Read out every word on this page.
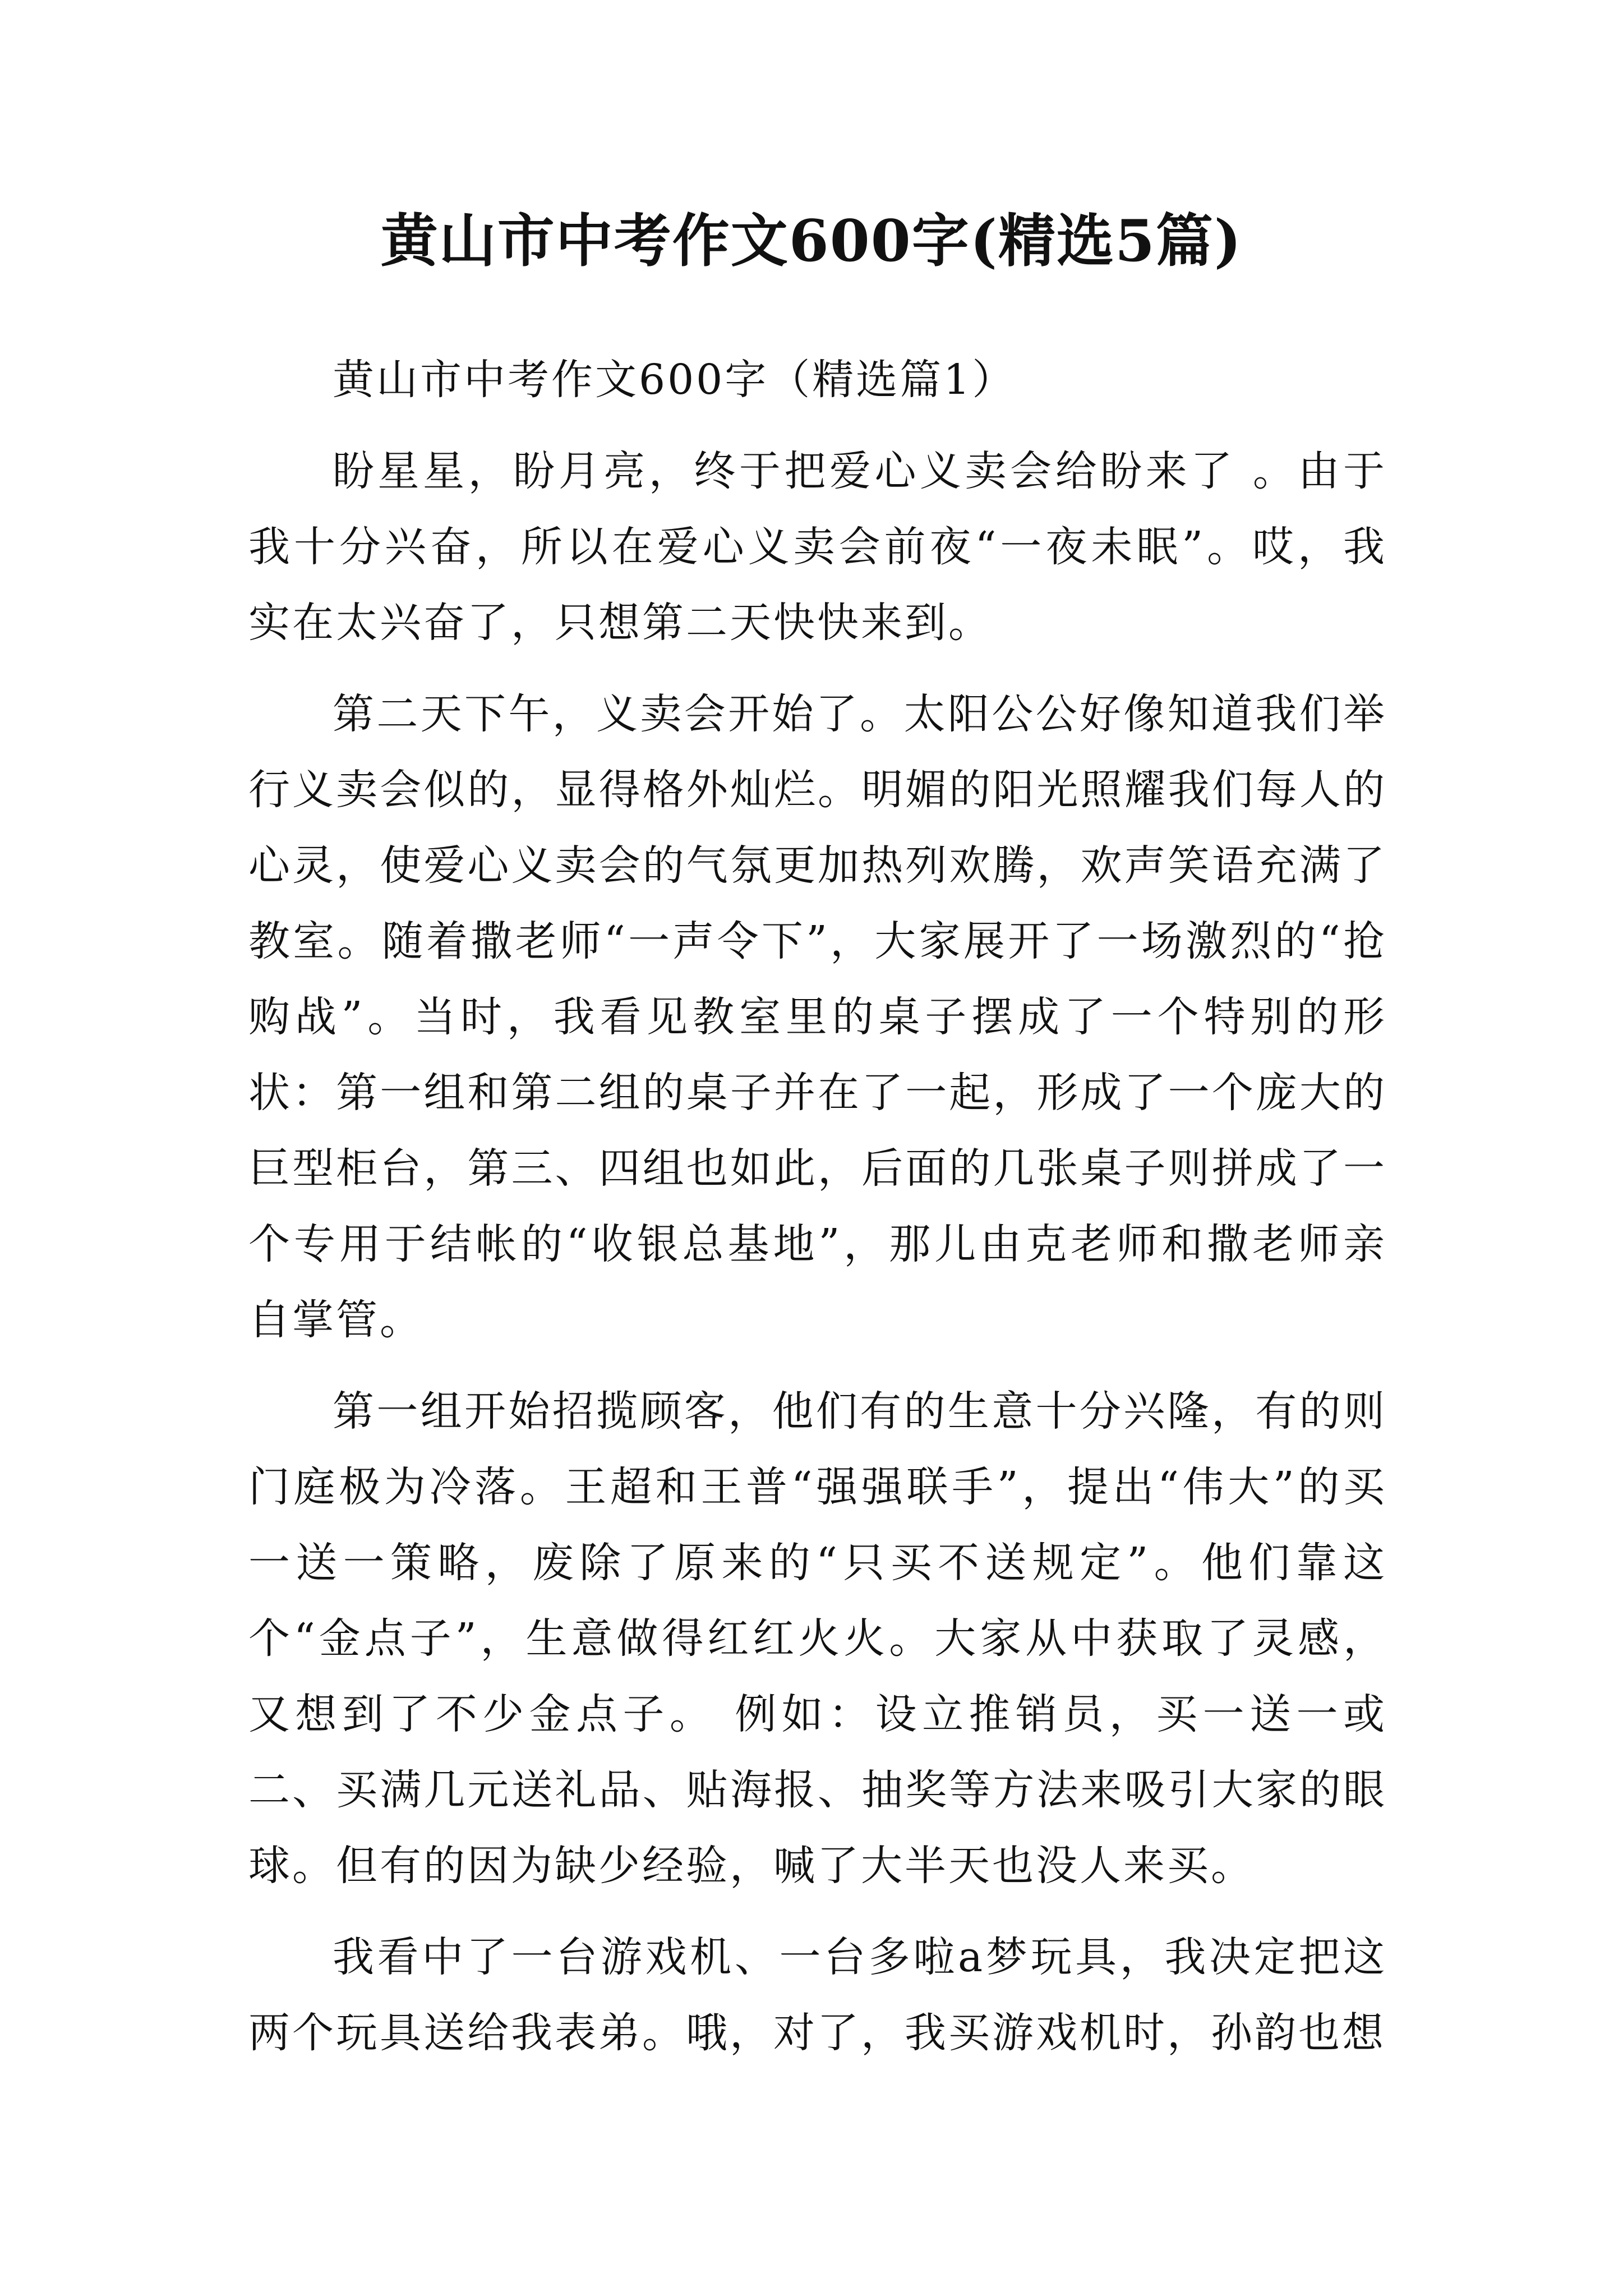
黄山市中考作文600字(精选5篇)

黄山市中考作文600字（精选篇1）

盼星星，盼月亮，终于把爱心义卖会给盼来了 。由于我十分兴奋，所以在爱心义卖会前夜“一夜未眠”。哎，我实在太兴奋了，只想第二天快快来到。

第二天下午，义卖会开始了。太阳公公好像知道我们举行义卖会似的，显得格外灿烂。明媚的阳光照耀我们每人的心灵，使爱心义卖会的气氛更加热列欢腾，欢声笑语充满了教室。随着撒老师“一声令下”，大家展开了一场激烈的“抢购战”。当时，我看见教室里的桌子摆成了一个特别的形状：第一组和第二组的桌子并在了一起，形成了一个庞大的巨型柜台，第三、四组也如此，后面的几张桌子则拼成了一个专用于结帐的“收银总基地”，那儿由克老师和撒老师亲自掌管。

第一组开始招揽顾客，他们有的生意十分兴隆，有的则门庭极为冷落。王超和王普“强强联手”，提出“伟大”的买一送一策略，废除了原来的“只买不送规定”。他们靠这个“金点子”，生意做得红红火火。大家从中获取了灵感，又想到了不少金点子。 例如：设立推销员，买一送一或二、买满几元送礼品、贴海报、抽奖等方法来吸引大家的眼球。但有的因为缺少经验，喊了大半天也没人来买。

我看中了一台游戏机、一台多啦a梦玩具，我决定把这两个玩具送给我表弟。哦，对了，我买游戏机时，孙韵也想
